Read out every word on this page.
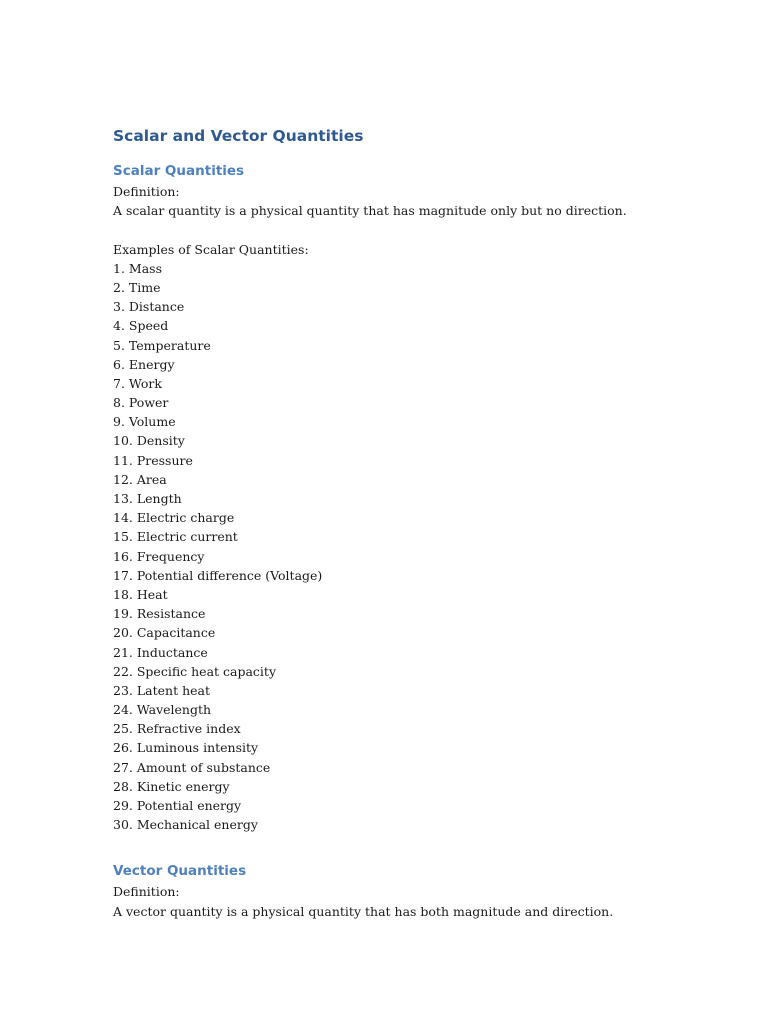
Scalar and Vector Quantities
Scalar Quantities

Definition:

A scalar quantity is a physical quantity that has magnitude only but no direction.

Examples of Scalar Quantities:

1. Mass
2. Time
3. Distance
4. Speed
5. Temperature
6. Energy
7. Work
8. Power
9. Volume
10. Density
11. Pressure
12. Area
13. Length
14. Electric charge
15. Electric current
16. Frequency
17. Potential difference (Voltage)
18. Heat
19. Resistance
20. Capacitance
21. Inductance
22. Specific heat capacity
23. Latent heat
24. Wavelength
25. Refractive index
26. Luminous intensity
27. Amount of substance
28. Kinetic energy
29. Potential energy
30. Mechanical energy
Vector Quantities

Definition:

A vector quantity is a physical quantity that has both magnitude and direction.
